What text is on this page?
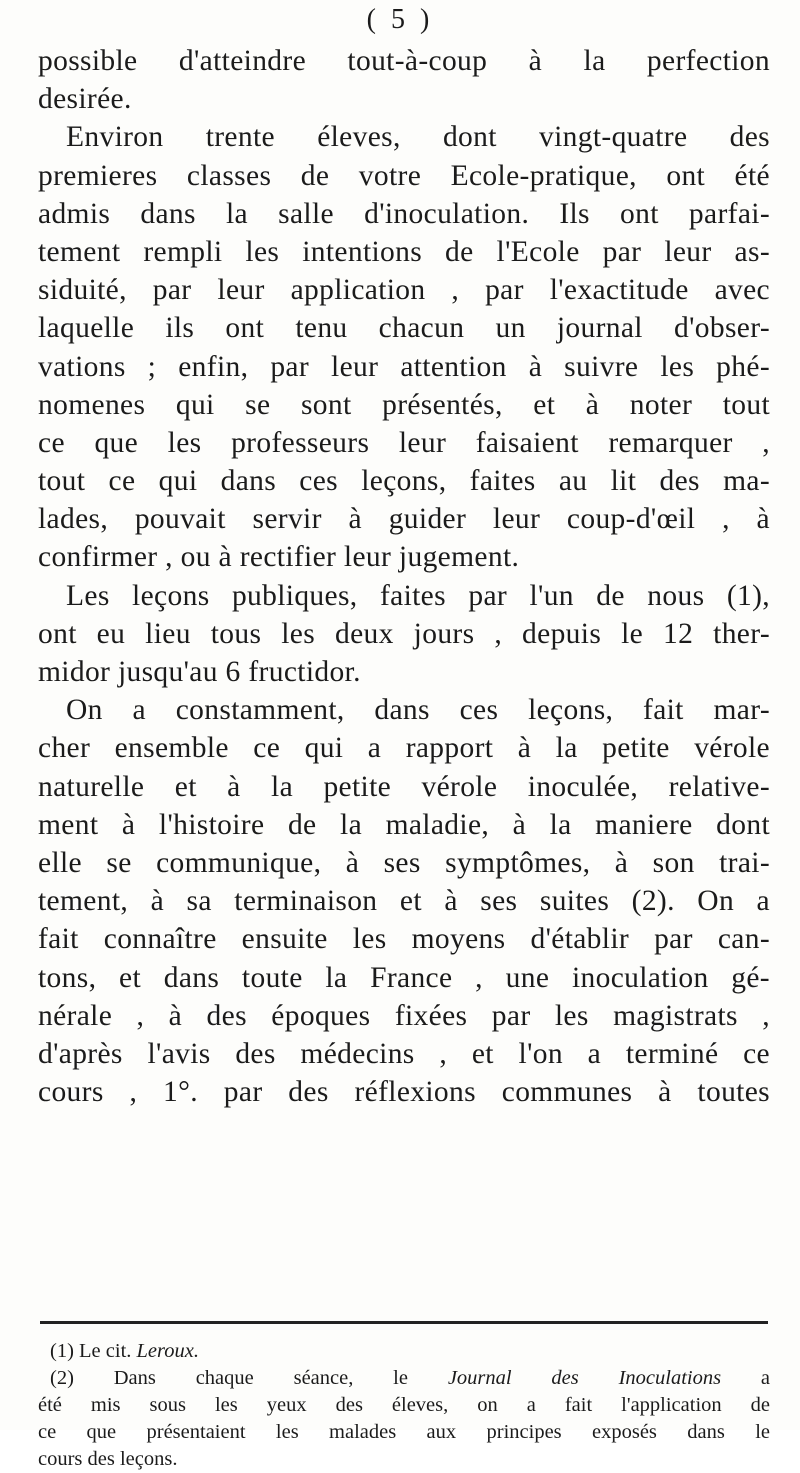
( 5 )
possible d'atteindre tout-à-coup à la perfection
desirée.
Environ trente éleves, dont vingt-quatre des
premieres classes de votre Ecole-pratique, ont été
admis dans la salle d'inoculation. Ils ont parfai-
tement rempli les intentions de l'Ecole par leur as-
siduité, par leur application , par l'exactitude avec
laquelle ils ont tenu chacun un journal d'obser-
vations ; enfin, par leur attention à suivre les phé-
nomenes qui se sont présentés, et à noter tout
ce que les professeurs leur faisaient remarquer ,
tout ce qui dans ces leçons, faites au lit des ma-
lades, pouvait servir à guider leur coup-d'œil , à
confirmer , ou à rectifier leur jugement.
Les leçons publiques, faites par l'un de nous (1),
ont eu lieu tous les deux jours , depuis le 12 ther-
midor jusqu'au 6 fructidor.
On a constamment, dans ces leçons, fait mar-
cher ensemble ce qui a rapport à la petite vérole
naturelle et à la petite vérole inoculée, relative-
ment à l'histoire de la maladie, à la maniere dont
elle se communique, à ses symptômes, à son trai-
tement, à sa terminaison et à ses suites (2). On a
fait connaître ensuite les moyens d'établir par can-
tons, et dans toute la France , une inoculation gé-
nérale , à des époques fixées par les magistrats ,
d'après l'avis des médecins , et l'on a terminé ce
cours , 1°. par des réflexions communes à toutes
(1) Le cit. Leroux.
(2) Dans chaque séance, le Journal des Inoculations a
été mis sous les yeux des éleves, on a fait l'application de
ce que présentaient les malades aux principes exposés dans le
cours des leçons.
